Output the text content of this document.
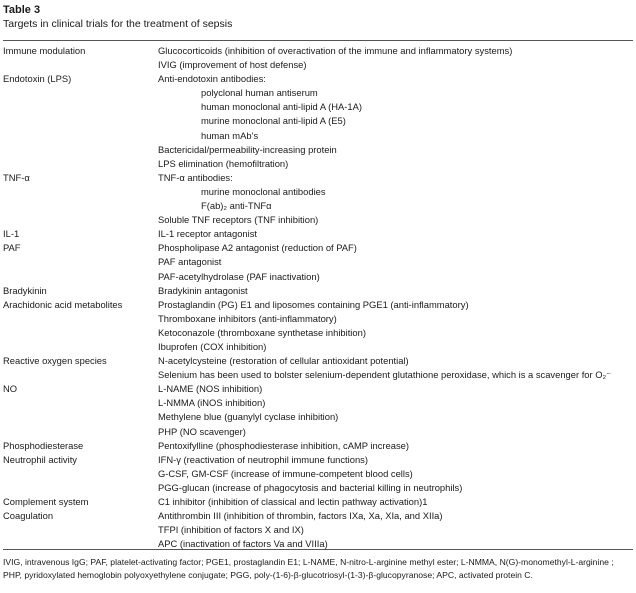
Table 3
Targets in clinical trials for the treatment of sepsis
Immune modulation	Glucocorticoids (inhibition of overactivation of the immune and inflammatory systems)
IVIG (improvement of host defense)
Endotoxin (LPS)	Anti-endotoxin antibodies:
polyclonal human antiserum
human monoclonal anti-lipid A (HA-1A)
murine monoclonal anti-lipid A (E5)
human mAb’s
Bactericidal/permeability-increasing protein
LPS elimination (hemofiltration)
TNF-α	TNF-α antibodies:
murine monoclonal antibodies
F(ab)₂ anti-TNFα
Soluble TNF receptors (TNF inhibition)
IL-1	IL-1 receptor antagonist
PAF	Phospholipase A2 antagonist (reduction of PAF)
PAF antagonist
PAF-acetylhydrolase (PAF inactivation)
Bradykinin	Bradykinin antagonist
Arachidonic acid metabolites	Prostaglandin (PG) E1 and liposomes containing PGE1 (anti-inflammatory)
Thromboxane inhibitors (anti-inflammatory)
Ketoconazole (thromboxane synthetase inhibition)
Ibuprofen (COX inhibition)
Reactive oxygen species	N-acetylcysteine (restoration of cellular antioxidant potential)
Selenium has been used to bolster selenium-dependent glutathione peroxidase, which is a scavenger for O₂⁻
NO	L-NAME (NOS inhibition)
L-NMMA (iNOS inhibition)
Methylene blue (guanylyl cyclase inhibition)
PHP (NO scavenger)
Phosphodiesterase	Pentoxifylline (phosphodiesterase inhibition, cAMP increase)
Neutrophil activity	IFN-γ (reactivation of neutrophil immune functions)
G-CSF, GM-CSF (increase of immune-competent blood cells)
PGG-glucan (increase of phagocytosis and bacterial killing in neutrophils)
Complement system	C1 inhibitor (inhibition of classical and lectin pathway activation)1
Coagulation	Antithrombin III (inhibition of thrombin, factors IXa, Xa, XIa, and XIIa)
TFPI (inhibition of factors X and IX)
APC (inactivation of factors Va and VIIIa)
IVIG, intravenous IgG; PAF, platelet-activating factor; PGE1, prostaglandin E1; L-NAME, N-nitro-L-arginine methyl ester; L-NMMA, N(G)-monomethyl-L-arginine ; PHP, pyridoxylated hemoglobin polyoxyethylene conjugate; PGG, poly-(1-6)-β-glucotriosyl-(1-3)-β-glucopyranose; APC, activated protein C.
